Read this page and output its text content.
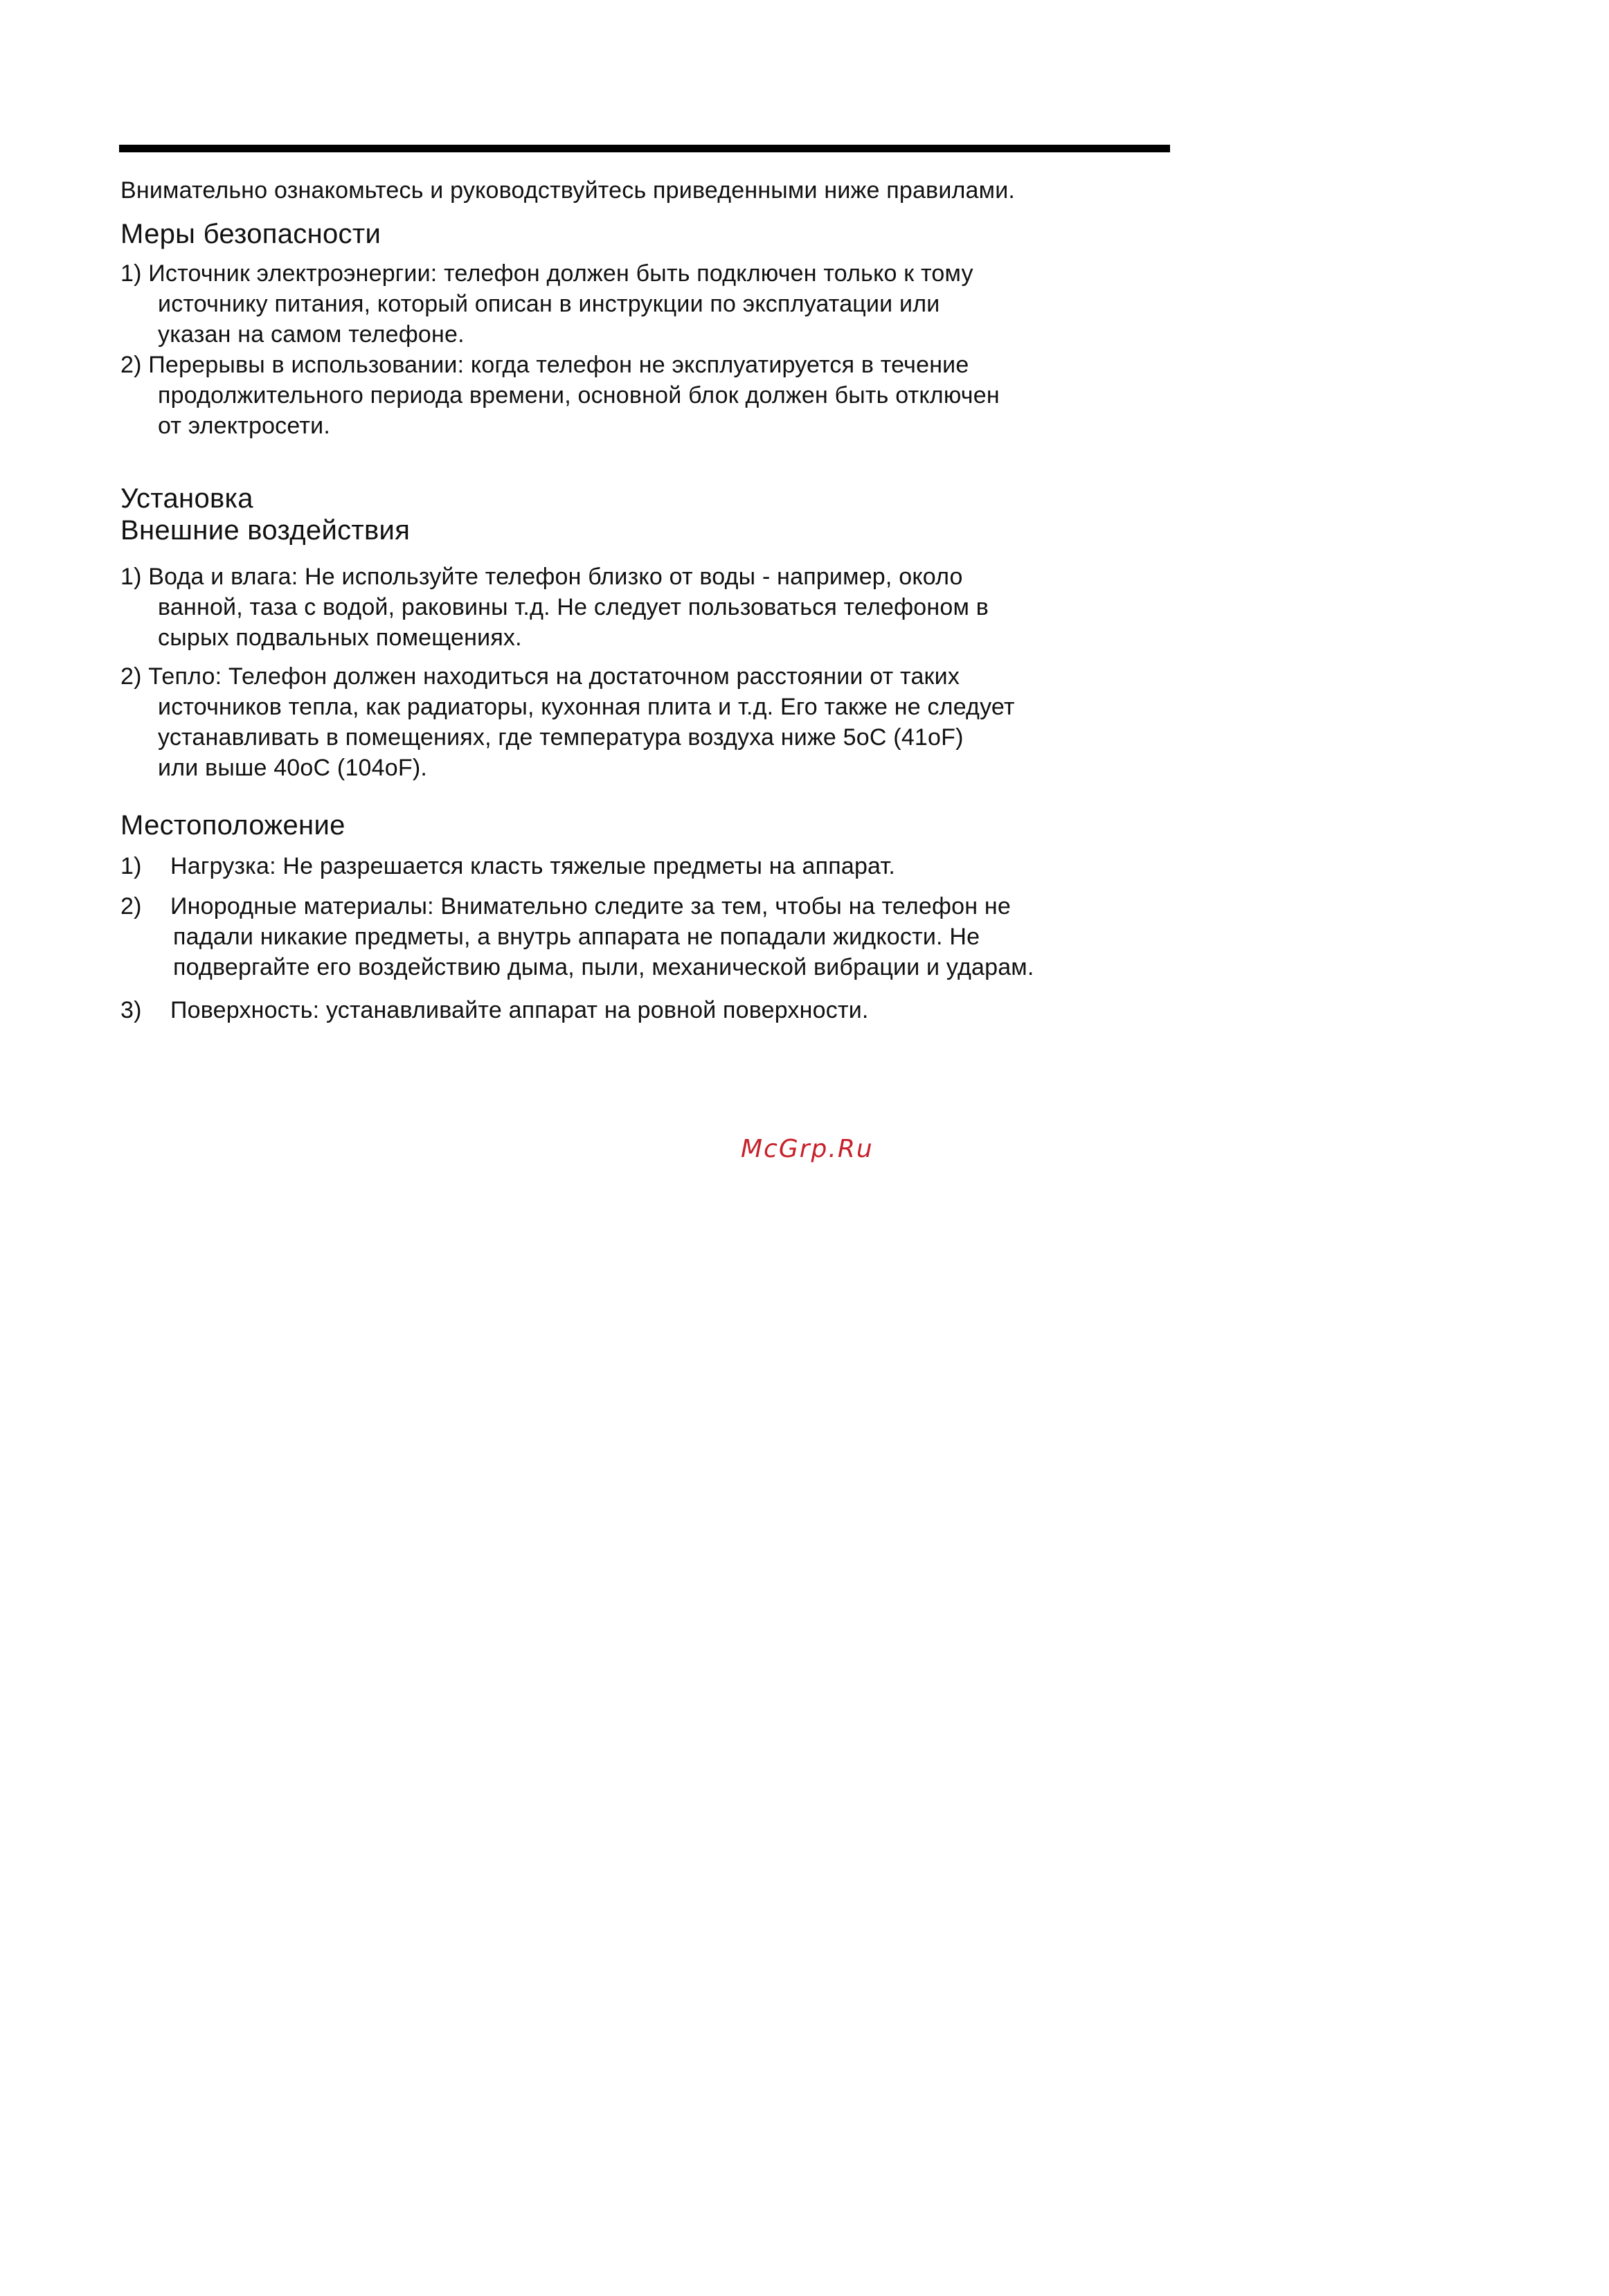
Внимательно ознакомьтесь и руководствуйтесь приведенными ниже правилами.
Меры безопасности
1) Источник электроэнергии: телефон должен быть подключен только к тому
источнику питания, который описан в инструкции по эксплуатации или
указан на самом телефоне.
2) Перерывы в использовании: когда телефон не эксплуатируется в течение
продолжительного периода времени, основной блок должен быть отключен
от электросети.
Установка
Внешние воздействия
1) Вода и влага: Не используйте телефон близко от воды - например, около
ванной, таза с водой, раковины т.д. Не следует пользоваться телефоном в
сырых подвальных помещениях.
2) Тепло: Телефон должен находиться на достаточном расстоянии от таких
источников тепла, как радиаторы, кухонная плита и т.д. Его также не следует
устанавливать в помещениях, где температура воздуха ниже 5oC (41oF)
или выше 40oC (104oF).
Местоположение
1) Нагрузка: Не разрешается класть тяжелые предметы на аппарат.
2) Инородные материалы: Внимательно следите за тем, чтобы на телефон не
падали никакие предметы, а внутрь аппарата не попадали жидкости. Не
подвергайте его воздействию дыма, пыли, механической вибрации и ударам.
3) Поверхность: устанавливайте аппарат на ровной поверхности.
McGrp.Ru
